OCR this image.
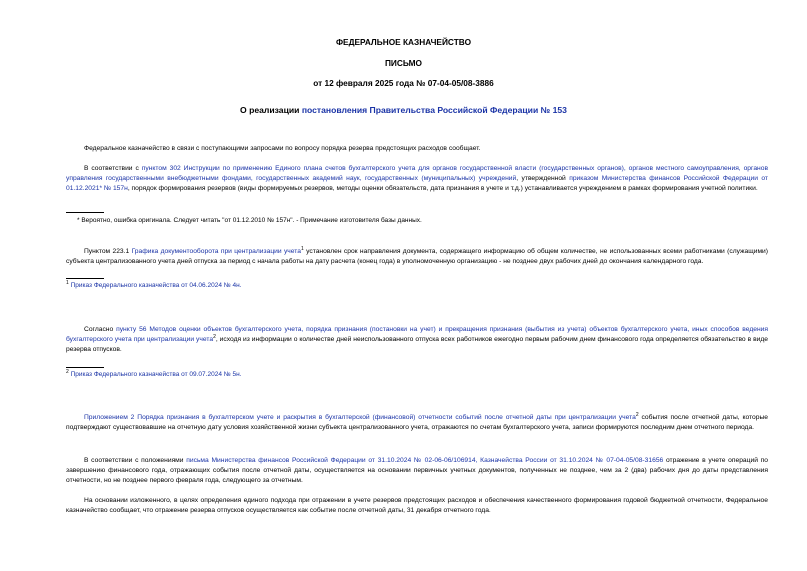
ФЕДЕРАЛЬНОЕ КАЗНАЧЕЙСТВО
ПИСЬМО
от 12 февраля 2025 года № 07-04-05/08-3886
О реализации постановления Правительства Российской Федерации № 153
Федеральное казначейство в связи с поступающими запросами по вопросу порядка резерва предстоящих расходов сообщает.
В соответствии с пунктом 302 Инструкции по применению Единого плана счетов бухгалтерского учета для органов государственной власти (государственных органов), органов местного самоуправления, органов управления государственными внебюджетными фондами, государственных академий наук, государственных (муниципальных) учреждений, утвержденной приказом Министерства финансов Российской Федерации от 01.12.2021* № 157н, порядок формирования резервов (виды формируемых резервов, методы оценки обязательств, дата признания в учете и т.д.) устанавливается учреждением в рамках формирования учетной политики.
* Вероятно, ошибка оригинала. Следует читать "от 01.12.2010 № 157н". - Примечание изготовителя базы данных.
Пунктом 223.1 Графика документооборота при централизации учета$^1$ установлен срок направления документа, содержащего информацию об общем количестве, не использованных всеми работниками (служащими) субъекта централизованного учета дней отпуска за период с начала работы на дату расчета (конец года) в уполномоченную организацию - не позднее двух рабочих дней до окончания календарного года.
$^1$ Приказ Федерального казначейства от 04.06.2024 № 4н.
Согласно пункту 56 Методов оценки объектов бухгалтерского учета, порядка признания (постановки на учет) и прекращения признания (выбытия из учета) объектов бухгалтерского учета, иных способов ведения бухгалтерского учета при централизации учета$^2$, исходя из информации о количестве дней неиспользованного отпуска всех работников ежегодно первым рабочим днем финансового года определяется обязательство в виде резерва отпусков.
$^2$ Приказ Федерального казначейства от 09.07.2024 № 5н.
Приложением 2 Порядка признания в бухгалтерском учете и раскрытия в бухгалтерской (финансовой) отчетности событий после отчетной даты при централизации учета$^2$ события после отчетной даты, которые подтверждают существовавшие на отчетную дату условия хозяйственной жизни субъекта централизованного учета, отражаются по счетам бухгалтерского учета, записи формируются последним днем отчетного периода.
В соответствии с положениями письма Министерства финансов Российской Федерации от 31.10.2024 № 02-06-06/106914, Казначейства России от 31.10.2024 № 07-04-05/08-31656 отражение в учете операций по завершению финансового года, отражающих события после отчетной даты, осуществляется на основании первичных учетных документов, полученных не позднее, чем за 2 (два) рабочих дня до даты представления отчетности, но не позднее первого февраля года, следующего за отчетным.
На основании изложенного, в целях определения единого подхода при отражении в учете резервов предстоящих расходов и обеспечения качественного формирования годовой бюджетной отчетности, Федеральное казначейство сообщает, что отражение резерва отпусков осуществляется как событие после отчетной даты, 31 декабря отчетного года.
